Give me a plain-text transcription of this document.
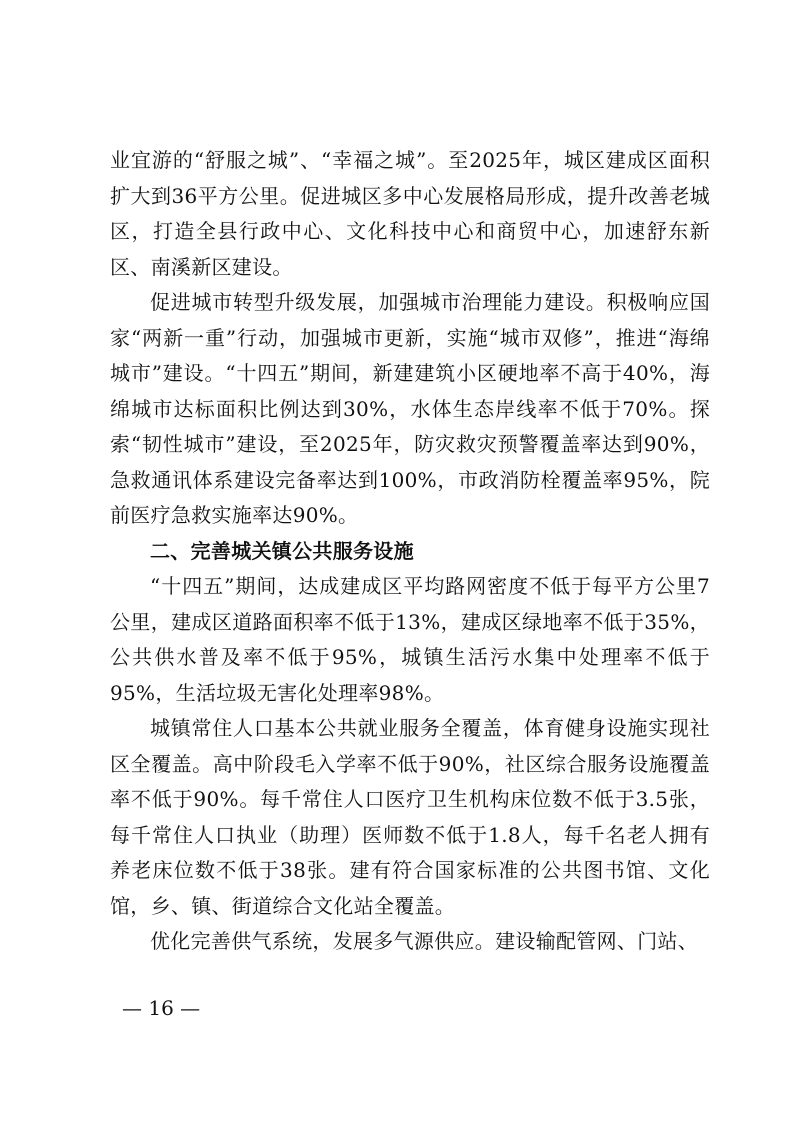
业宜游的“舒服之城”、“幸福之城”。至2025年，城区建成区面积扩大到36平方公里。促进城区多中心发展格局形成，提升改善老城区，打造全县行政中心、文化科技中心和商贸中心，加速舒东新区、南溪新区建设。

促进城市转型升级发展，加强城市治理能力建设。积极响应国家“两新一重”行动，加强城市更新，实施“城市双修”，推进“海绵城市”建设。“十四五”期间，新建建筑小区硬地率不高于40%，海绵城市达标面积比例达到30%，水体生态岸线率不低于70%。探索“韧性城市”建设，至2025年，防灾救灾预警覆盖率达到90%，急救通讯体系建设完备率达到100%，市政消防栓覆盖率95%，院前医疗急救实施率达90%。

二、完善城关镇公共服务设施

“十四五”期间，达成建成区平均路网密度不低于每平方公里7公里，建成区道路面积率不低于13%，建成区绿地率不低于35%，公共供水普及率不低于95%，城镇生活污水集中处理率不低于95%，生活垃圾无害化处理率98%。

城镇常住人口基本公共就业服务全覆盖，体育健身设施实现社区全覆盖。高中阶段毛入学率不低于90%，社区综合服务设施覆盖率不低于90%。每千常住人口医疗卫生机构床位数不低于3.5张，每千常住人口执业（助理）医师数不低于1.8人，每千名老人拥有养老床位数不低于38张。建有符合国家标准的公共图书馆、文化馆，乡、镇、街道综合文化站全覆盖。

优化完善供气系统，发展多气源供应。建设输配管网、门站、

— 16 —
